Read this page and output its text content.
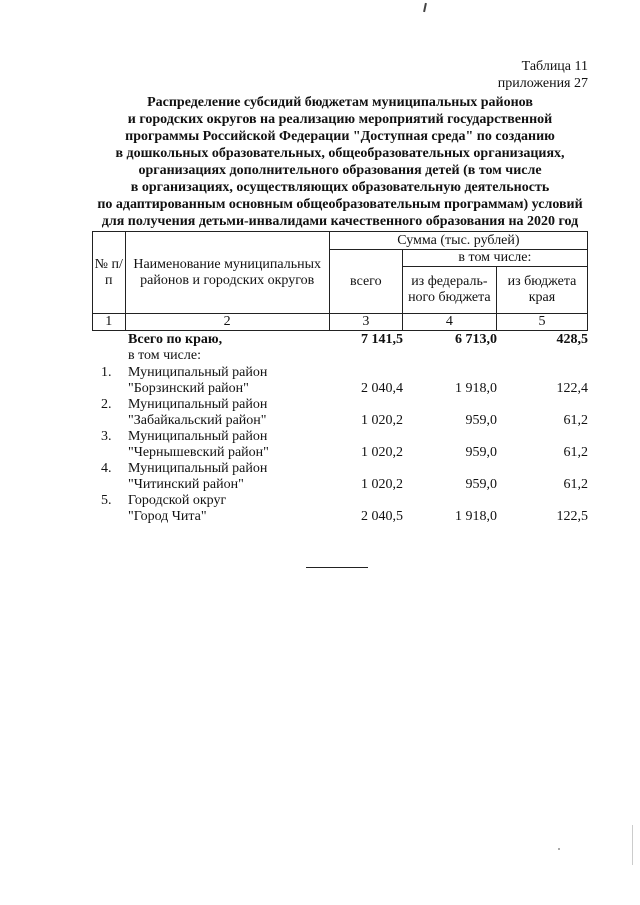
Таблица 11
приложения 27
Распределение субсидий бюджетам муниципальных районов
и городских округов на реализацию мероприятий государственной
программы Российской Федерации "Доступная среда" по созданию
в дошкольных образовательных, общеобразовательных организациях,
организациях дополнительного образования детей (в том числе
в организациях, осуществляющих образовательную деятельность
по адаптированным основным общеобразовательным программам) условий
для получения детьми-инвалидами качественного образования на 2020 год
№ п/п	Наименование муниципальных районов и городских округов	Сумма (тыс. рублей)		
		всего	в том числе:	
			из федераль-ного бюджета	из бюджета края
1	2	3	4	5
Всего по краю,	7 141,5	6 713,0	428,5
в том числе:
1. Муниципальный район
"Борзинский район"	2 040,4	1 918,0	122,4
2. Муниципальный район
"Забайкальский район"	1 020,2	959,0	61,2
3. Муниципальный район
"Чернышевский район"	1 020,2	959,0	61,2
4. Муниципальный район
"Читинский район"	1 020,2	959,0	61,2
5. Городской округ
"Город Чита"	2 040,5	1 918,0	122,5
